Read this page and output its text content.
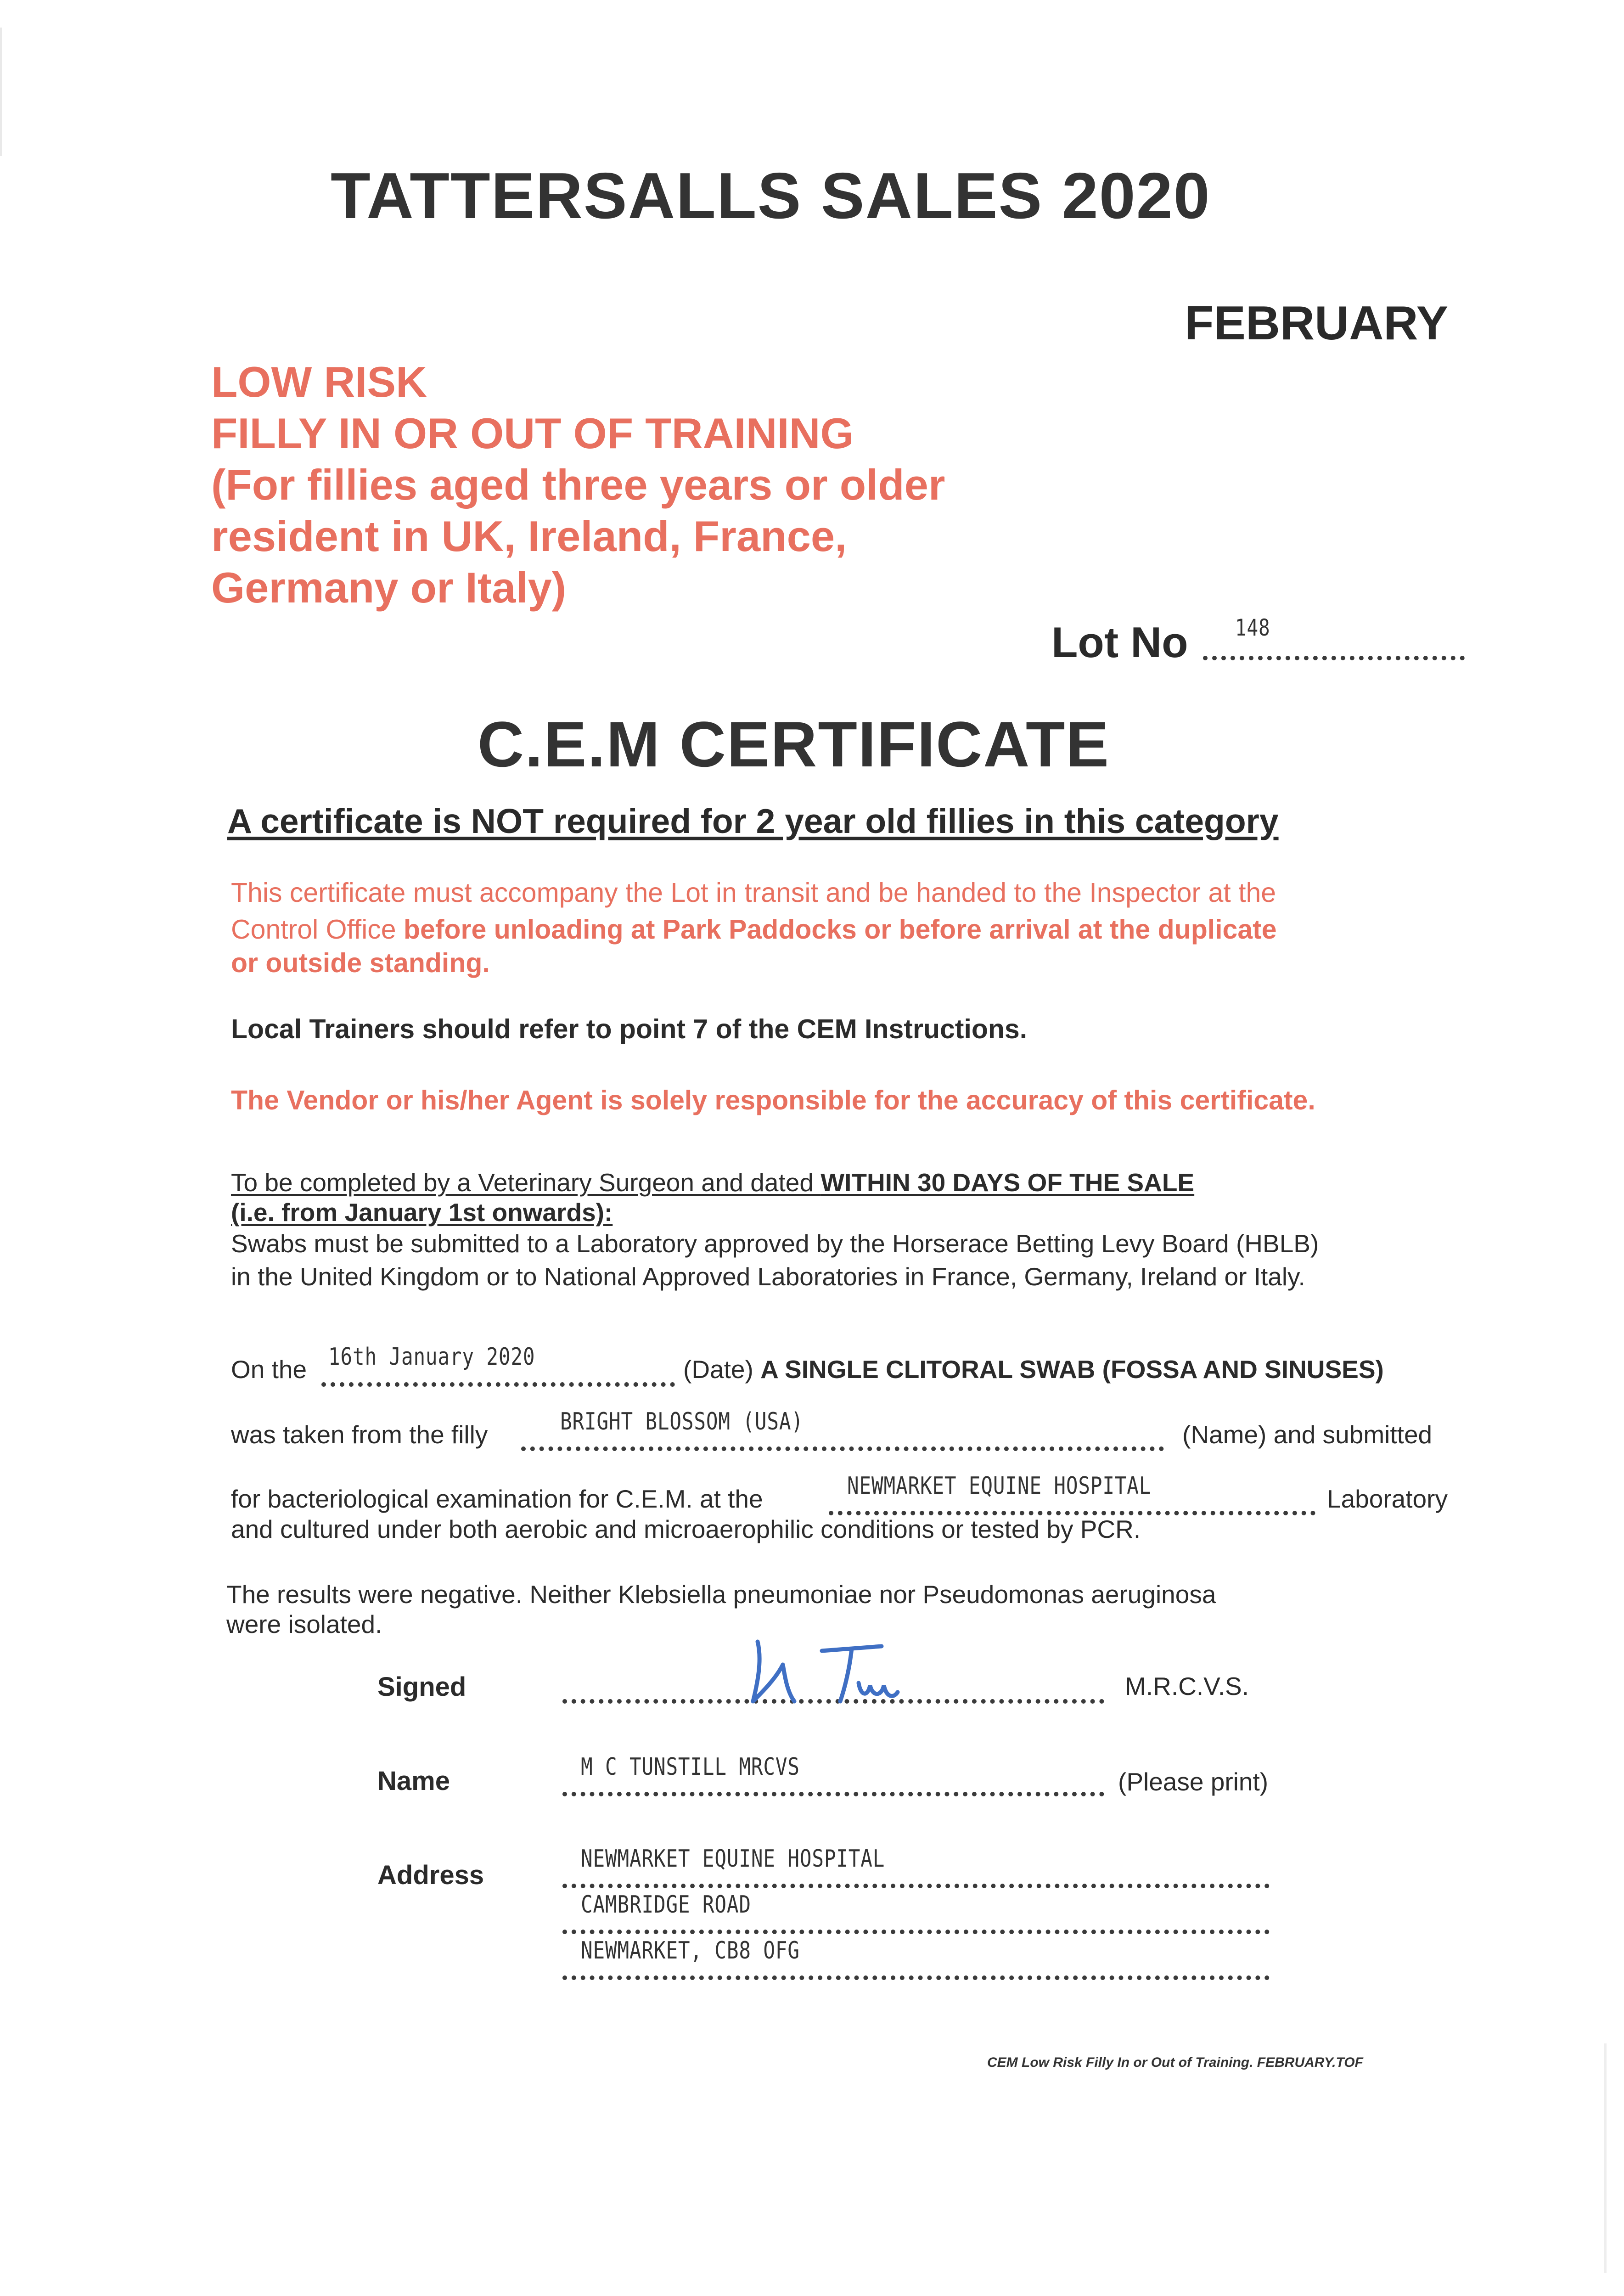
TATTERSALLS SALES 2020
FEBRUARY
LOW RISK
FILLY IN OR OUT OF TRAINING
(For fillies aged three years or older
resident in UK, Ireland, France,
Germany or Italy)
Lot No 148
C.E.M CERTIFICATE
A certificate is NOT required for 2 year old fillies in this category
This certificate must accompany the Lot in transit and be handed to the Inspector at the
Control Office before unloading at Park Paddocks or before arrival at the duplicate
or outside standing.
Local Trainers should refer to point 7 of the CEM Instructions.
The Vendor or his/her Agent is solely responsible for the accuracy of this certificate.
To be completed by a Veterinary Surgeon and dated WITHIN 30 DAYS OF THE SALE
(i.e. from January 1st onwards):
Swabs must be submitted to a Laboratory approved by the Horserace Betting Levy Board (HBLB)
in the United Kingdom or to National Approved Laboratories in France, Germany, Ireland or Italy.
On the 16th January 2020	(Date) A SINGLE CLITORAL SWAB (FOSSA AND SINUSES)
was taken from the filly	BRIGHT BLOSSOM (USA)	(Name) and submitted
for bacteriological examination for C.E.M. at the	NEWMARKET EQUINE HOSPITAL	Laboratory
and cultured under both aerobic and microaerophilic conditions or tested by PCR.
The results were negative. Neither Klebsiella pneumoniae nor Pseudomonas aeruginosa
were isolated.
Signed	M.R.C.V.S.
Name	M C TUNSTILL MRCVS
(Please print)
Address
NEWMARKET EQUINE HOSPITAL
CAMBRIDGE ROAD
NEWMARKET, CB8 OFG
CEM Low Risk Filly In or Out of Training. FEBRUARY.TOF
